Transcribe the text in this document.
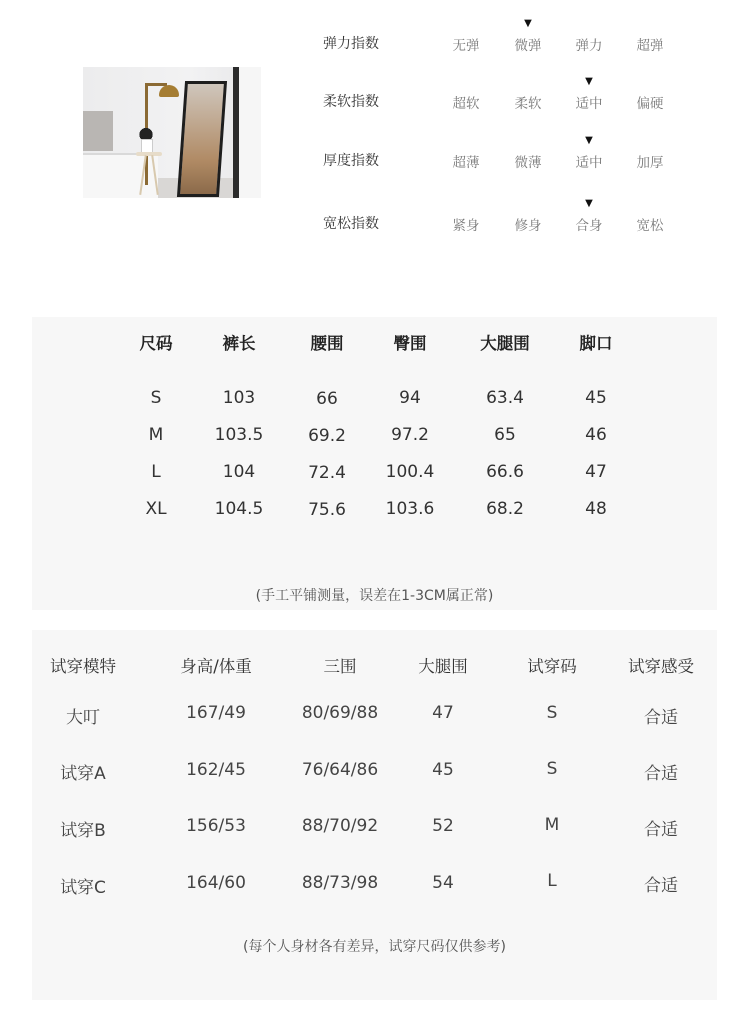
弹力指数	无弹	微弹	弹力	超弹
柔软指数	超软	柔软	适中	偏硬
厚度指数	超薄	微薄	适中	加厚
宽松指数	紧身	修身	合身	宽松
▼
▼
▼
▼
尺码	裤长	腰围	臀围	大腿围	脚口
S	103	66	94	63.4	45
M	103.5	69.2	97.2	65	46
L	104	72.4	100.4	66.6	47
XL	104.5	75.6	103.6	68.2	48
(手工平铺测量，误差在1-3CM属正常)
试穿模特	身高/体重	三围	大腿围	试穿码	试穿感受
大叮	167/49	80/69/88	47	S	合适
试穿A	162/45	76/64/86	45	S	合适
试穿B	156/53	88/70/92	52	M	合适
试穿C	164/60	88/73/98	54	L	合适
(每个人身材各有差异，试穿尺码仅供参考)
